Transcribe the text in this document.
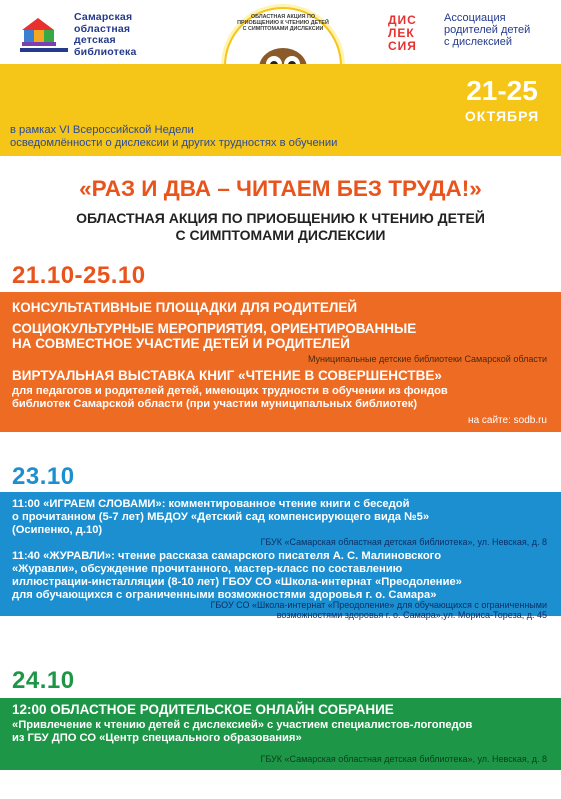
Самарская
областная
детская
библиотека
ОБЛАСТНАЯ АКЦИЯ ПО ПРИОБЩЕНИЮ К ЧТЕНИЮ ДЕТЕЙ С СИМПТОМАМИ ДИСЛЕКСИИ
ДИС ЛЕК СИЯ
Ассоциация
родителей детей
с дислексией
21-25
ОКТЯБРЯ
в рамках VI Всероссийской Недели
осведомлённости о дислексии и других трудностях в обучении
«РАЗ И ДВА – ЧИТАЕМ БЕЗ ТРУДА!»
ОБЛАСТНАЯ АКЦИЯ ПО ПРИОБЩЕНИЮ К ЧТЕНИЮ ДЕТЕЙ
С СИМПТОМАМИ ДИСЛЕКСИИ
21.10-25.10
КОНСУЛЬТАТИВНЫЕ ПЛОЩАДКИ ДЛЯ РОДИТЕЛЕЙ
СОЦИОКУЛЬТУРНЫЕ МЕРОПРИЯТИЯ, ОРИЕНТИРОВАННЫЕ
НА СОВМЕСТНОЕ УЧАСТИЕ ДЕТЕЙ И РОДИТЕЛЕЙ
Муниципальные детские библиотеки Самарской области
ВИРТУАЛЬНАЯ ВЫСТАВКА КНИГ «ЧТЕНИЕ В СОВЕРШЕНСТВЕ»
для педагогов и родителей детей, имеющих трудности в обучении из фондов
библиотек Самарской области (при участии муниципальных библиотек)
на сайте: sodb.ru
23.10
11:00 «ИГРАЕМ СЛОВАМИ»: комментированное чтение книги с беседой
о прочитанном (5-7 лет) МБДОУ «Детский сад компенсирующего вида №5»
(Осипенко, д.10)
ГБУК «Самарская областная детская библиотека», ул. Невская, д. 8
11:40 «ЖУРАВЛИ»: чтение рассказа самарского писателя А. С. Малиновского
«Журавли», обсуждение прочитанного, мастер-класс по составлению
иллюстрации-инсталляции (8-10 лет) ГБОУ СО «Школа-интернат «Преодоление»
для обучающихся с ограниченными возможностями здоровья г. о. Самара»
ГБОУ СО «Школа-интернат «Преодоление» для обучающихся с ограниченными
возможностями здоровья г. о. Самара»,ул. Мориса-Тореза, д. 45
24.10
12:00 ОБЛАСТНОЕ РОДИТЕЛЬСКОЕ ОНЛАЙН СОБРАНИЕ
«Привлечение к чтению детей с дислексией» с участием специалистов-логопедов
из ГБУ ДПО СО «Центр специального образования»
ГБУК «Самарская областная детская библиотека», ул. Невская, д. 8
